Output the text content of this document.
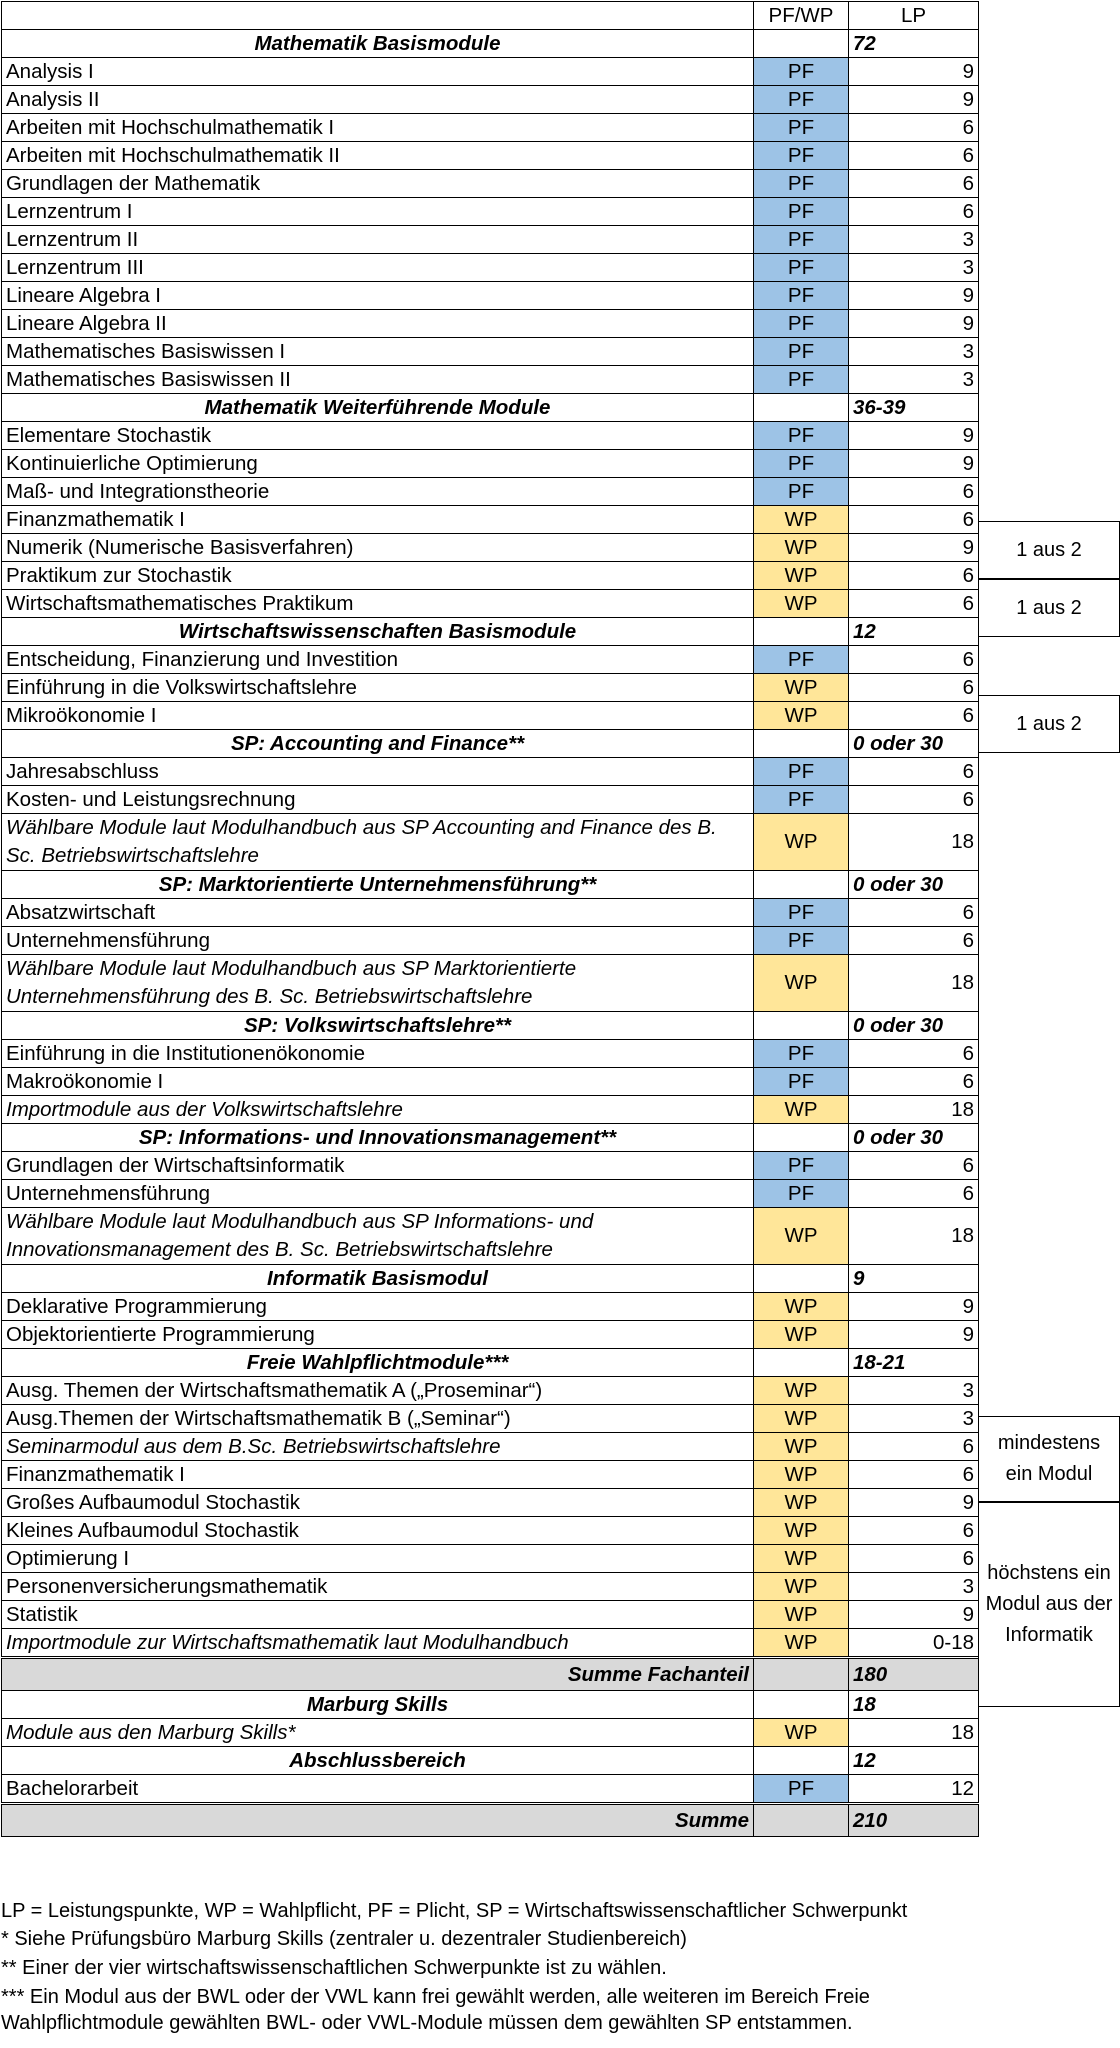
	PF/WP	LP
Mathematik Basismodule		72
Analysis I	PF	9
Analysis II	PF	9
Arbeiten mit Hochschulmathematik I	PF	6
Arbeiten mit Hochschulmathematik II	PF	6
Grundlagen der Mathematik	PF	6
Lernzentrum I	PF	6
Lernzentrum II	PF	3
Lernzentrum III	PF	3
Lineare Algebra I	PF	9
Lineare Algebra II	PF	9
Mathematisches Basiswissen I	PF	3
Mathematisches Basiswissen II	PF	3
Mathematik Weiterführende Module		36-39
Elementare Stochastik	PF	9
Kontinuierliche Optimierung	PF	9
Maß- und Integrationstheorie	PF	6
Finanzmathematik I	WP	6
Numerik (Numerische Basisverfahren)	WP	9
Praktikum zur Stochastik	WP	6
Wirtschaftsmathematisches Praktikum	WP	6
Wirtschaftswissenschaften Basismodule		12
Entscheidung, Finanzierung und Investition	PF	6
Einführung in die Volkswirtschaftslehre	WP	6
Mikroökonomie I	WP	6
SP: Accounting and Finance**		0 oder 30
Jahresabschluss	PF	6
Kosten- und Leistungsrechnung	PF	6
Wählbare Module laut Modulhandbuch aus SP Accounting and Finance des B. Sc. Betriebswirtschaftslehre	WP	18
SP: Marktorientierte Unternehmensführung**		0 oder 30
Absatzwirtschaft	PF	6
Unternehmensführung	PF	6
Wählbare Module laut Modulhandbuch aus SP Marktorientierte Unternehmensführung des B. Sc. Betriebswirtschaftslehre	WP	18
SP: Volkswirtschaftslehre**		0 oder 30
Einführung in die Institutionenökonomie	PF	6
Makroökonomie I	PF	6
Importmodule aus der Volkswirtschaftslehre	WP	18
SP: Informations- und Innovationsmanagement**		0 oder 30
Grundlagen der Wirtschaftsinformatik	PF	6
Unternehmensführung	PF	6
Wählbare Module laut Modulhandbuch aus SP Informations- und Innovationsmanagement des B. Sc. Betriebswirtschaftslehre	WP	18
Informatik Basismodul		9
Deklarative Programmierung	WP	9
Objektorientierte Programmierung	WP	9
Freie Wahlpflichtmodule***		18-21
Ausg. Themen der Wirtschaftsmathematik A („Proseminar“)	WP	3
Ausg.Themen der Wirtschaftsmathematik B („Seminar“)	WP	3
Seminarmodul aus dem B.Sc. Betriebswirtschaftslehre	WP	6
Finanzmathematik I	WP	6
Großes Aufbaumodul Stochastik	WP	9
Kleines Aufbaumodul Stochastik	WP	6
Optimierung I	WP	6
Personenversicherungsmathematik	WP	3
Statistik	WP	9
Importmodule zur Wirtschaftsmathematik laut Modulhandbuch	WP	0-18
Summe Fachanteil		180
Marburg Skills		18
Module aus den Marburg Skills*	WP	18
Abschlussbereich		12
Bachelorarbeit	PF	12
Summe		210
1 aus 2
1 aus 2
1 aus 2
mindestens ein Modul
höchstens ein Modul aus der Informatik
LP = Leistungspunkte, WP = Wahlpflicht, PF = Plicht, SP = Wirtschaftswissenschaftlicher Schwerpunkt
* Siehe Prüfungsbüro Marburg Skills (zentraler u. dezentraler Studienbereich)
** Einer der vier wirtschaftswissenschaftlichen Schwerpunkte ist zu wählen.
*** Ein Modul aus der BWL oder der VWL kann frei gewählt werden, alle weiteren im Bereich Freie Wahlpflichtmodule gewählten BWL- oder VWL-Module müssen dem gewählten SP entstammen.
